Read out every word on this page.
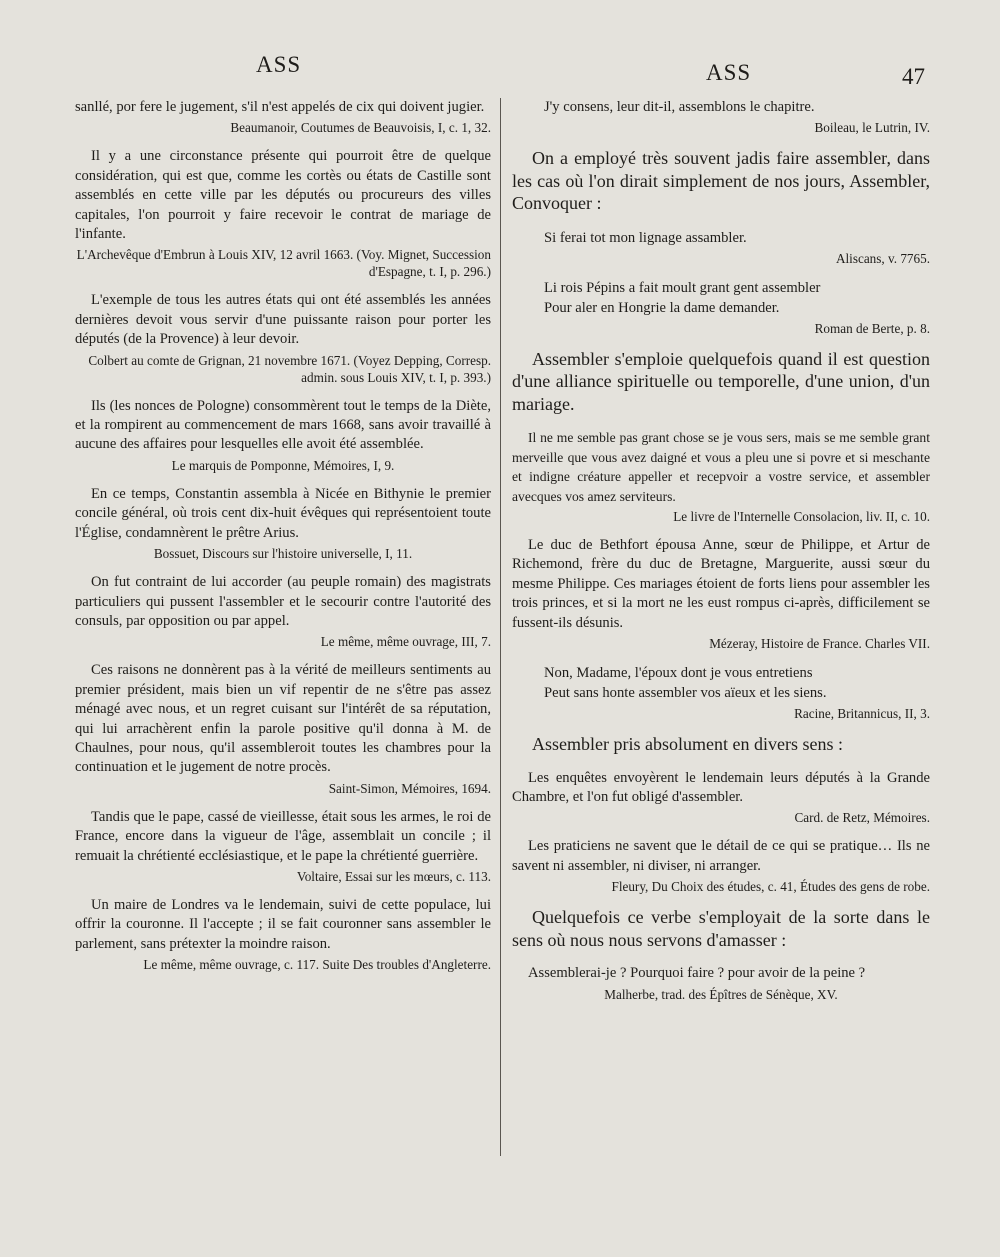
ASS	ASS	47

sanllé, por fere le jugement, s'il n'est appelés de cix qui doivent jugier.

Beaumanoir, Coutumes de Beauvoisis, I, c. 1, 32.

Il y a une circonstance présente qui pourroit être de quelque considération, qui est que, comme les cortès ou états de Castille sont assemblés en cette ville par les députés ou procureurs des villes capitales, l'on pourroit y faire recevoir le contrat de mariage de l'infante.

L'Archevêque d'Embrun à Louis XIV, 12 avril 1663. (Voy. Mignet, Succession d'Espagne, t. I, p. 296.)

L'exemple de tous les autres états qui ont été assemblés les années dernières devoit vous servir d'une puissante raison pour porter les députés (de la Provence) à leur devoir.

Colbert au comte de Grignan, 21 novembre 1671. (Voyez Depping, Corresp. admin. sous Louis XIV, t. I, p. 393.)

Ils (les nonces de Pologne) consommèrent tout le temps de la Diète, et la rompirent au commencement de mars 1668, sans avoir travaillé à aucune des affaires pour lesquelles elle avoit été assemblée.

Le marquis de Pomponne, Mémoires, I, 9.

En ce temps, Constantin assembla à Nicée en Bithynie le premier concile général, où trois cent dix-huit évêques qui représentoient toute l'Église, condamnèrent le prêtre Arius.

Bossuet, Discours sur l'histoire universelle, I, 11.

On fut contraint de lui accorder (au peuple romain) des magistrats particuliers qui pussent l'assembler et le secourir contre l'autorité des consuls, par opposition ou par appel.

Le même, même ouvrage, III, 7.

Ces raisons ne donnèrent pas à la vérité de meilleurs sentiments au premier président, mais bien un vif repentir de ne s'être pas assez ménagé avec nous, et un regret cuisant sur l'intérêt de sa réputation, qui lui arrachèrent enfin la parole positive qu'il donna à M. de Chaulnes, pour nous, qu'il assembleroit toutes les chambres pour la continuation et le jugement de notre procès.

Saint-Simon, Mémoires, 1694.

Tandis que le pape, cassé de vieillesse, était sous les armes, le roi de France, encore dans la vigueur de l'âge, assemblait un concile ; il remuait la chrétienté ecclésiastique, et le pape la chrétienté guerrière.

Voltaire, Essai sur les mœurs, c. 113.

Un maire de Londres va le lendemain, suivi de cette populace, lui offrir la couronne. Il l'accepte ; il se fait couronner sans assembler le parlement, sans prétexter la moindre raison.

Le même, même ouvrage, c. 117. Suite Des troubles d'Angleterre.

J'y consens, leur dit-il, assemblons le chapitre.

Boileau, le Lutrin, IV.

On a employé très souvent jadis faire assembler, dans les cas où l'on dirait simplement de nos jours, Assembler, Convoquer :

Si ferai tot mon lignage assambler.

Aliscans, v. 7765.

Li rois Pépins a fait moult grant gent assembler
Pour aler en Hongrie la dame demander.

Roman de Berte, p. 8.

Assembler s'emploie quelquefois quand il est question d'une alliance spirituelle ou temporelle, d'une union, d'un mariage.

Il ne me semble pas grant chose se je vous sers, mais se me semble grant merveille que vous avez daigné et vous a pleu une si povre et si meschante et indigne créature appeller et recepvoir a vostre service, et assembler avecques vos amez serviteurs.

Le livre de l'Internelle Consolacion, liv. II, c. 10.

Le duc de Bethfort épousa Anne, sœur de Philippe, et Artur de Richemond, frère du duc de Bretagne, Marguerite, aussi sœur du mesme Philippe. Ces mariages étoient de forts liens pour assembler les trois princes, et si la mort ne les eust rompus ci-après, difficilement se fussent-ils désunis.

Mézeray, Histoire de France. Charles VII.

Non, Madame, l'époux dont je vous entretiens
Peut sans honte assembler vos aïeux et les siens.

Racine, Britannicus, II, 3.

Assembler pris absolument en divers sens :

Les enquêtes envoyèrent le lendemain leurs députés à la Grande Chambre, et l'on fut obligé d'assembler.

Card. de Retz, Mémoires.

Les praticiens ne savent que le détail de ce qui se pratique… Ils ne savent ni assembler, ni diviser, ni arranger.

Fleury, Du Choix des études, c. 41, Études des gens de robe.

Quelquefois ce verbe s'employait de la sorte dans le sens où nous nous servons d'amasser :

Assemblerai-je ? Pourquoi faire ? pour avoir de la peine ?

Malherbe, trad. des Épîtres de Sénèque, XV.
